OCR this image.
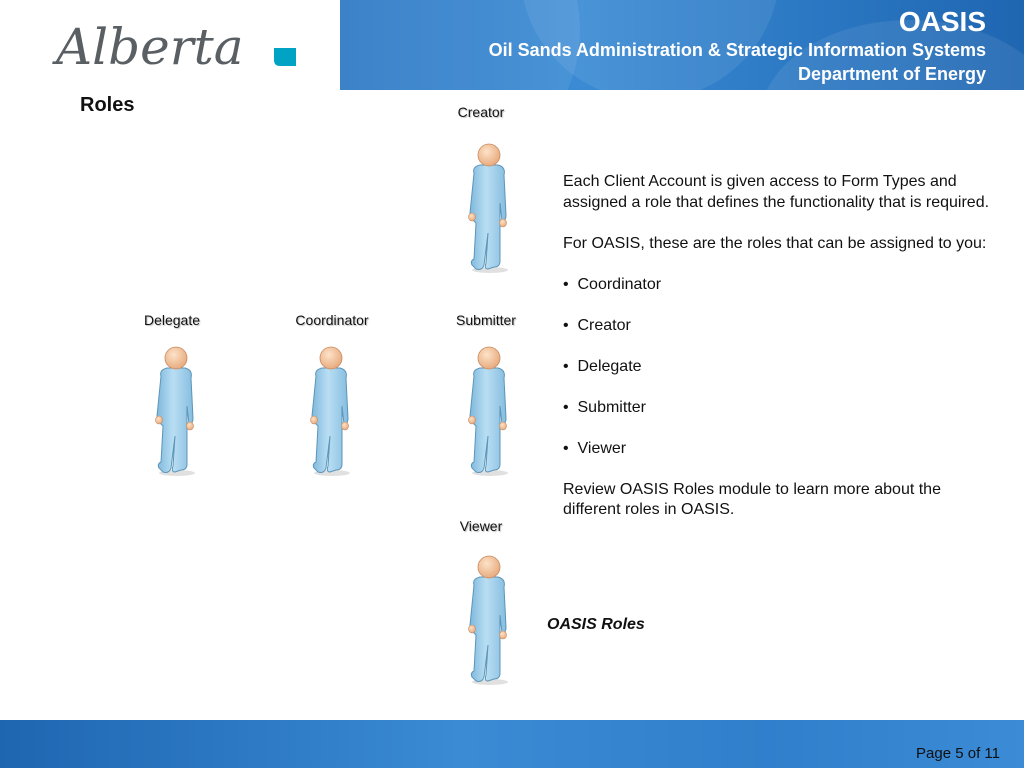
Alberta	OASIS
Oil Sands Administration & Strategic Information Systems
Department of Energy
Roles	Creator
Delegate	Coordinator	Submitter
Viewer

Each Client Account is given access to Form Types and assigned a role that defines the functionality that is required.

For OASIS, these are the roles that can be assigned to you:

•  Coordinator

•  Creator

•  Delegate

•  Submitter

•  Viewer

Review OASIS Roles module to learn more about the different roles in OASIS.

OASIS Roles
Page 5 of 11
